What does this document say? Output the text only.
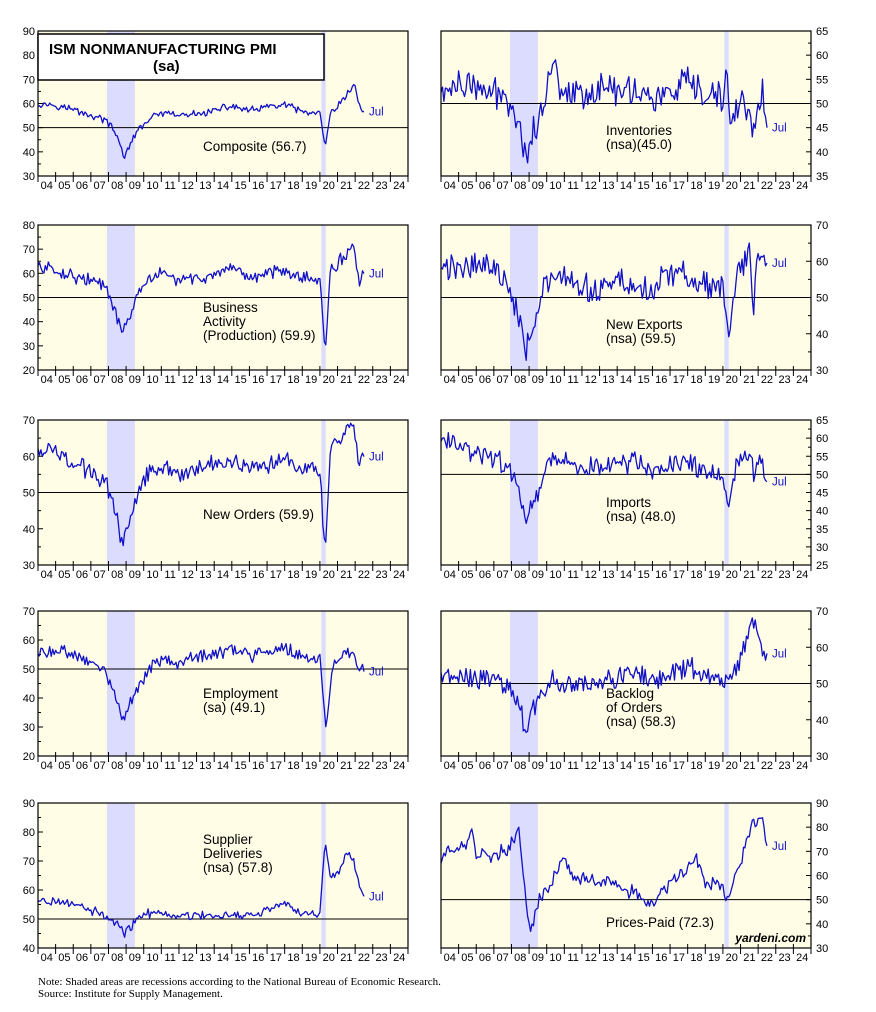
30
40
50
60
70
80
90
04 05 06 07 08 09 10 11 12 13 14 15 16 17 18 19 20 21 22 23 24
Jul
Composite (56.7)
35
40
45
50
55
60
65
04 05 06 07 08 09 10 11 12 13 14 15 16 17 18 19 20 21 22 23 24
Jul
Inventories
(nsa)(45.0)
20
30
40
50
60
70
80
04 05 06 07 08 09 10 11 12 13 14 15 16 17 18 19 20 21 22 23 24
Jul
Business
Activity
(Production) (59.9)
30
40
50
60
70
04 05 06 07 08 09 10 11 12 13 14 15 16 17 18 19 20 21 22 23 24
Jul
New Exports
(nsa) (59.5)
30
40
50
60
70
04 05 06 07 08 09 10 11 12 13 14 15 16 17 18 19 20 21 22 23 24
Jul
New Orders (59.9)
25
30
35
40
45
50
55
60
65
04 05 06 07 08 09 10 11 12 13 14 15 16 17 18 19 20 21 22 23 24
Jul
Imports
(nsa) (48.0)
20
30
40
50
60
70
04 05 06 07 08 09 10 11 12 13 14 15 16 17 18 19 20 21 22 23 24
Jul
Employment
(sa) (49.1)
30
40
50
60
70
04 05 06 07 08 09 10 11 12 13 14 15 16 17 18 19 20 21 22 23 24
Jul
Backlog
of Orders
(nsa) (58.3)
40
50
60
70
80
90
04 05 06 07 08 09 10 11 12 13 14 15 16 17 18 19 20 21 22 23 24
Jul
Supplier
Deliveries
(nsa) (57.8)
30
40
50
60
70
80
90
04 05 06 07 08 09 10 11 12 13 14 15 16 17 18 19 20 21 22 23 24
Jul
Prices-Paid (72.3)
ISM NONMANUFACTURING PMI
(sa)
yardeni.com
Note: Shaded areas are recessions according to the National Bureau of Economic Research.
Source: Institute for Supply Management.
